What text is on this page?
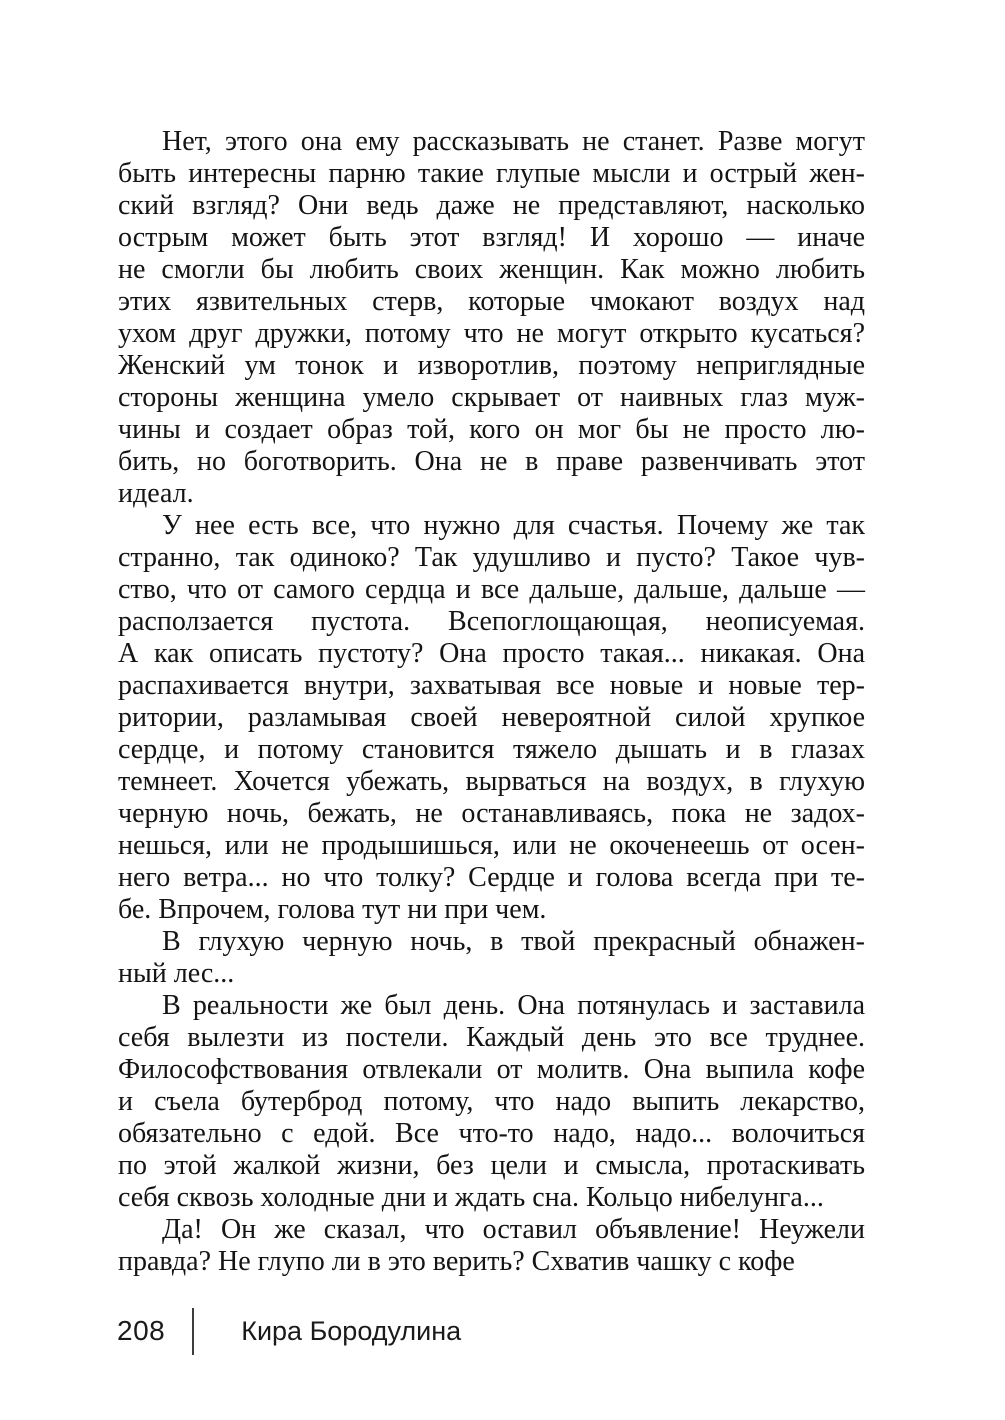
Нет, этого она ему рассказывать не станет. Разве могут
быть интересны парню такие глупые мысли и острый жен-
ский взгляд? Они ведь даже не представляют, насколько
острым может быть этот взгляд! И хорошо — иначе
не смогли бы любить своих женщин. Как можно любить
этих язвительных стерв, которые чмокают воздух над
ухом друг дружки, потому что не могут открыто кусаться?
Женский ум тонок и изворотлив, поэтому неприглядные
стороны женщина умело скрывает от наивных глаз муж-
чины и создает образ той, кого он мог бы не просто лю-
бить, но боготворить. Она не в праве развенчивать этот
идеал.
У нее есть все, что нужно для счастья. Почему же так
странно, так одиноко? Так удушливо и пусто? Такое чув-
ство, что от самого сердца и все дальше, дальше, дальше —
расползается пустота. Всепоглощающая, неописуемая.
А как описать пустоту? Она просто такая... никакая. Она
распахивается внутри, захватывая все новые и новые тер-
ритории, разламывая своей невероятной силой хрупкое
сердце, и потому становится тяжело дышать и в глазах
темнеет. Хочется убежать, вырваться на воздух, в глухую
черную ночь, бежать, не останавливаясь, пока не задох-
нешься, или не продышишься, или не окоченеешь от осен-
него ветра... но что толку? Сердце и голова всегда при те-
бе. Впрочем, голова тут ни при чем.
В глухую черную ночь, в твой прекрасный обнажен-
ный лес...
В реальности же был день. Она потянулась и заставила
себя вылезти из постели. Каждый день это все труднее.
Философствования отвлекали от молитв. Она выпила кофе
и съела бутерброд потому, что надо выпить лекарство,
обязательно с едой. Все что-то надо, надо... волочиться
по этой жалкой жизни, без цели и смысла, протаскивать
себя сквозь холодные дни и ждать сна. Кольцо нибелунга...
Да! Он же сказал, что оставил объявление! Неужели
правда? Не глупо ли в это верить? Схватив чашку с кофе
208	Кира Бородулина
